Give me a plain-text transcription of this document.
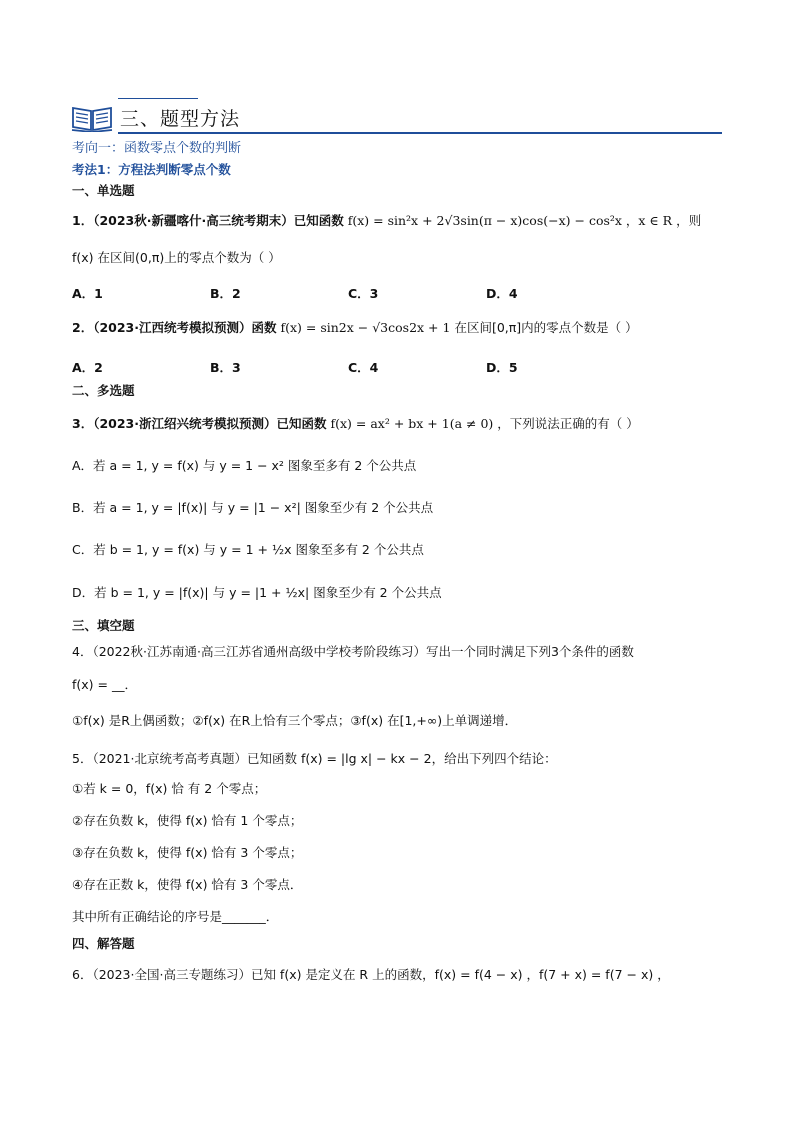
三、题型方法
考向一：函数零点个数的判断
考法1：方程法判断零点个数
一、单选题
1．（2023秋·新疆喀什·高三统考期末）已知函数 f(x) = sin²x + 2√3sin(π − x)cos(−x) − cos²x ，x ∈ R ，则
f(x) 在区间(0,π)上的零点个数为（ ）
A．1	B．2	C．3	D．4
2．（2023·江西统考模拟预测）函数 f(x) = sin2x − √3cos2x + 1 在区间[0,π]内的零点个数是（ ）
A．2	B．3	C．4	D．5
二、多选题
3．（2023·浙江绍兴统考模拟预测）已知函数 f(x) = ax² + bx + 1(a ≠ 0) ，下列说法正确的有（ ）
A．若 a = 1, y = f(x) 与 y = 1 − x² 图象至多有 2 个公共点
B．若 a = 1, y = |f(x)| 与 y = |1 − x²| 图象至少有 2 个公共点
C．若 b = 1, y = f(x) 与 y = 1 + ½x 图象至多有 2 个公共点
D．若 b = 1, y = |f(x)| 与 y = |1 + ½x| 图象至少有 2 个公共点
三、填空题
4．（2022秋·江苏南通·高三江苏省通州高级中学校考阶段练习）写出一个同时满足下列3个条件的函数
f(x) = __．
①f(x) 是R上偶函数；②f(x) 在R上恰有三个零点；③f(x) 在[1,+∞)上单调递增．
5．（2021·北京统考高考真题）已知函数 f(x) = |lg x| − kx − 2，给出下列四个结论：
①若 k = 0，f(x) 恰 有 2 个零点；
②存在负数 k，使得 f(x) 恰有 1 个零点；
③存在负数 k，使得 f(x) 恰有 3 个零点；
④存在正数 k，使得 f(x) 恰有 3 个零点．
其中所有正确结论的序号是_______．
四、解答题
6．（2023·全国·高三专题练习）已知 f(x) 是定义在 R 上的函数，f(x) = f(4 − x) ，f(7 + x) = f(7 − x) ，
